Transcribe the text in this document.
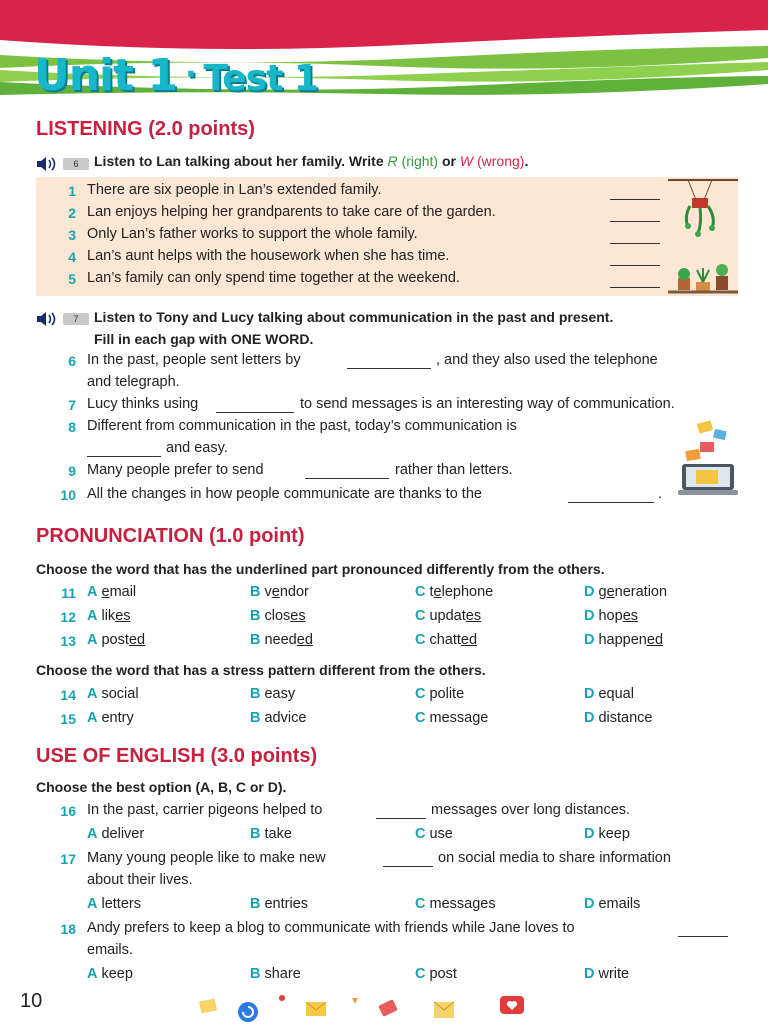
Unit 1 · Test 1
LISTENING (2.0 points)
6	Listen to Lan talking about her family. Write R (right) or W (wrong).
1 There are six people in Lan’s extended family.
2 Lan enjoys helping her grandparents to take care of the garden.
3 Only Lan’s father works to support the whole family.
4 Lan’s aunt helps with the housework when she has time.
5 Lan’s family can only spend time together at the weekend.
7	Listen to Tony and Lucy talking about communication in the past and present.
Fill in each gap with ONE WORD.
6 In the past, people sent letters by	, and they also used the telephone
and telegraph.
7 Lucy thinks using	to send messages is an interesting way of communication.
8 Different from communication in the past, today’s communication is
and easy.
9 Many people prefer to send	rather than letters.
10 All the changes in how people communicate are thanks to the	.
PRONUNCIATION (1.0 point)
Choose the word that has the underlined part pronounced differently from the others.
11 A email	B vendor	C telephone	D generation
12 A likes	B closes	C updates	D hopes
13 A posted	B needed	C chatted	D happened
Choose the word that has a stress pattern different from the others.
14 A social	B easy	C polite	D equal
15 A entry	B advice	C message	D distance
USE OF ENGLISH (3.0 points)
Choose the best option (A, B, C or D).
16 In the past, carrier pigeons helped to	messages over long distances.
A deliver	B take	C use	D keep
17 Many young people like to make new	on social media to share information
about their lives.
A letters	B entries	C messages	D emails
18 Andy prefers to keep a blog to communicate with friends while Jane loves to
emails.
A keep	B share	C post	D write
10
